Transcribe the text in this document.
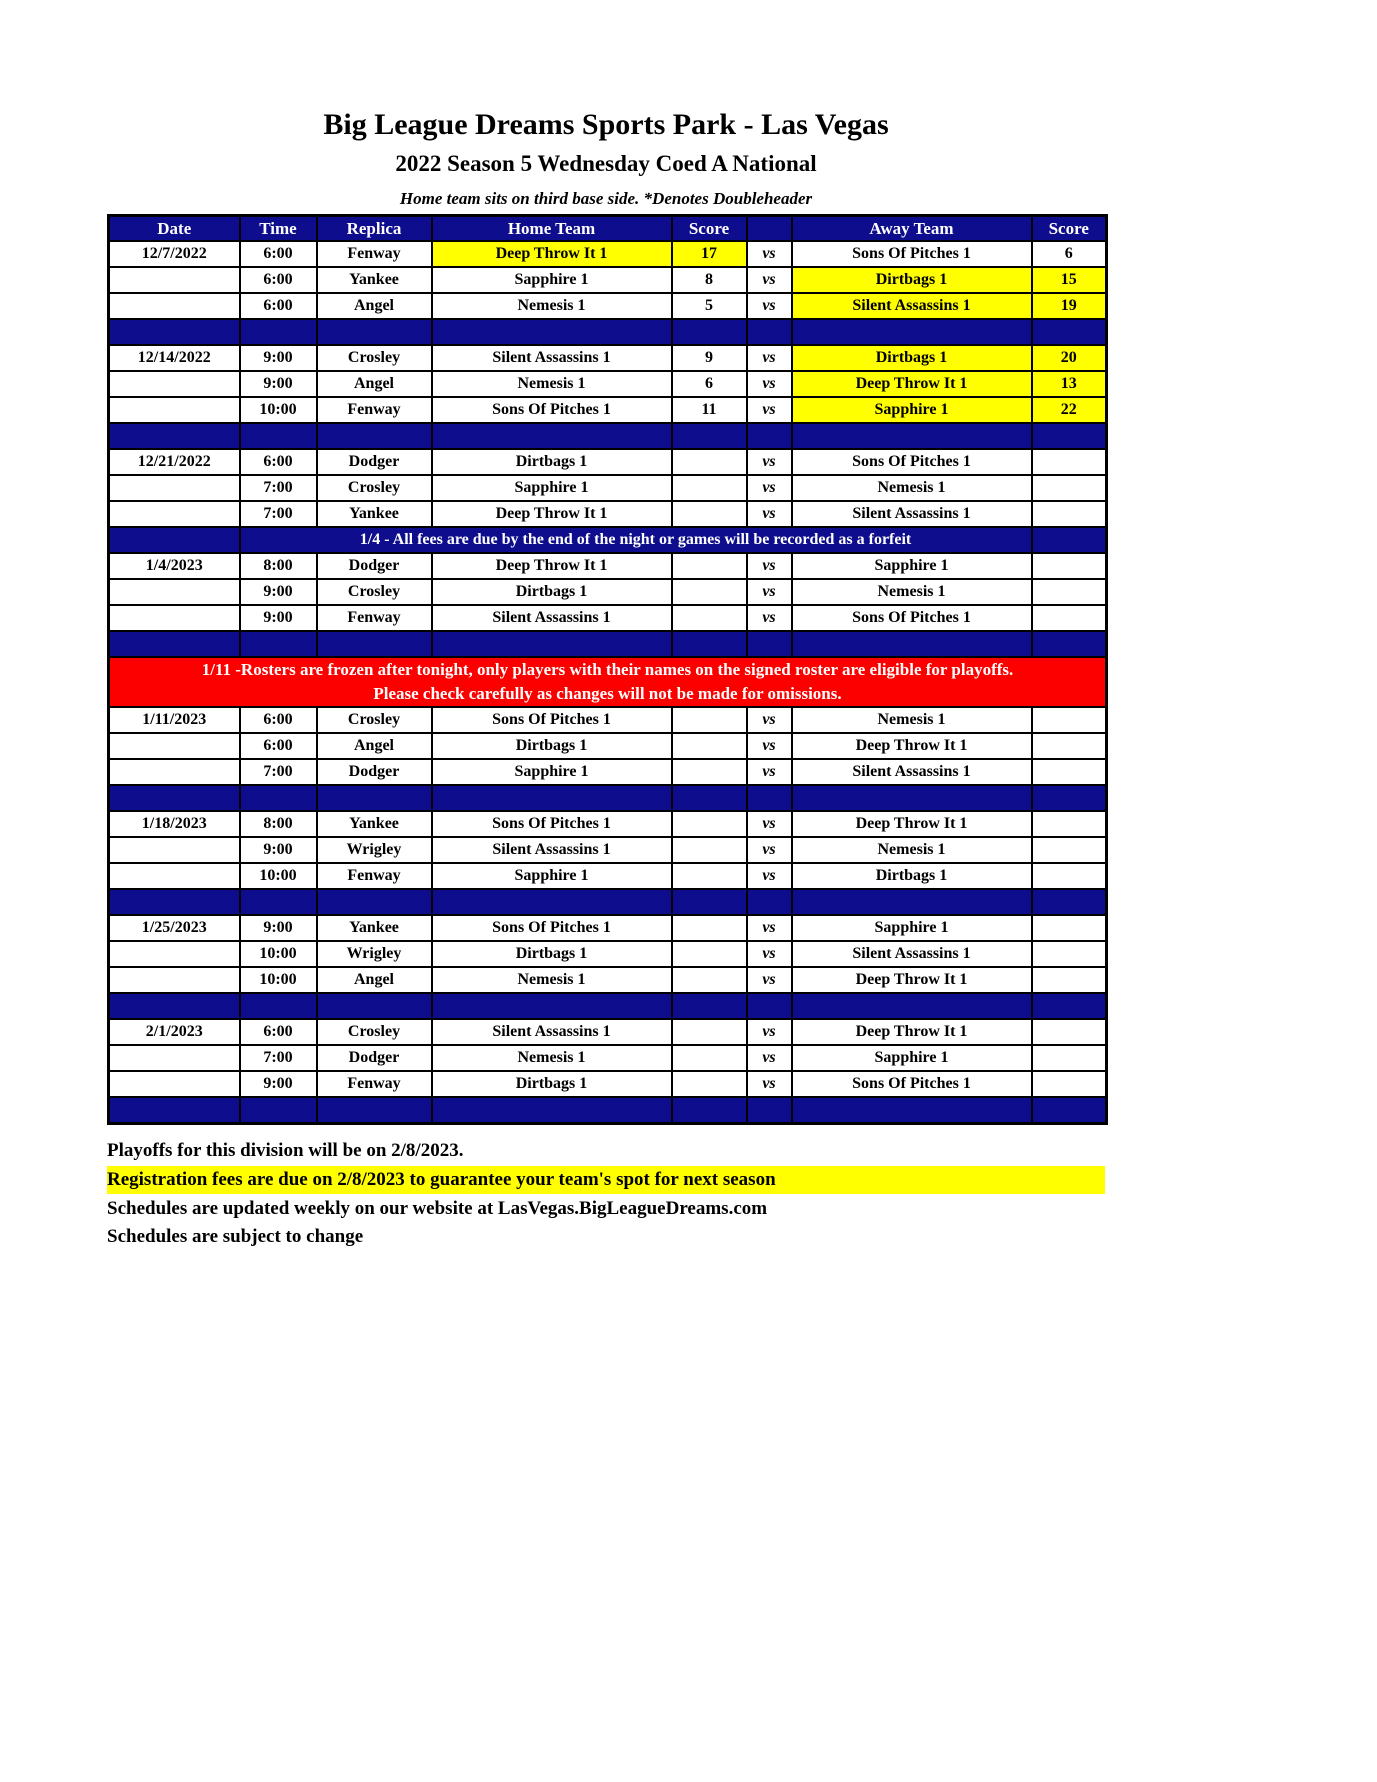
Big League Dreams Sports Park - Las Vegas
2022 Season 5 Wednesday Coed A National
Home team sits on third base side. *Denotes Doubleheader
Date	Time	Replica	Home Team	Score		Away Team	Score
12/7/2022	6:00	Fenway	Deep Throw It 1	17	vs	Sons Of Pitches 1	6
	6:00	Yankee	Sapphire 1	8	vs	Dirtbags 1	15
	6:00	Angel	Nemesis 1	5	vs	Silent Assassins 1	19

12/14/2022	9:00	Crosley	Silent Assassins 1	9	vs	Dirtbags 1	20
	9:00	Angel	Nemesis 1	6	vs	Deep Throw It 1	13
	10:00	Fenway	Sons Of Pitches 1	11	vs	Sapphire 1	22

12/21/2022	6:00	Dodger	Dirtbags 1		vs	Sons Of Pitches 1	
	7:00	Crosley	Sapphire 1		vs	Nemesis 1	
	7:00	Yankee	Deep Throw It 1		vs	Silent Assassins 1	
	1/4 - All fees are due by the end of the night or games will be recorded as a forfeit						
1/4/2023	8:00	Dodger	Deep Throw It 1		vs	Sapphire 1	
	9:00	Crosley	Dirtbags 1		vs	Nemesis 1	
	9:00	Fenway	Silent Assassins 1		vs	Sons Of Pitches 1	

1/11 -Rosters are frozen after tonight, only players with their names on the signed roster are eligible for playoffs.
Please check carefully as changes will not be made for omissions.							

1/11/2023	6:00	Crosley	Sons Of Pitches 1		vs	Nemesis 1	
	6:00	Angel	Dirtbags 1		vs	Deep Throw It 1	
	7:00	Dodger	Sapphire 1		vs	Silent Assassins 1	

1/18/2023	8:00	Yankee	Sons Of Pitches 1		vs	Deep Throw It 1	
	9:00	Wrigley	Silent Assassins 1		vs	Nemesis 1	
	10:00	Fenway	Sapphire 1		vs	Dirtbags 1	

1/25/2023	9:00	Yankee	Sons Of Pitches 1		vs	Sapphire 1	
	10:00	Wrigley	Dirtbags 1		vs	Silent Assassins 1	
	10:00	Angel	Nemesis 1		vs	Deep Throw It 1	

2/1/2023	6:00	Crosley	Silent Assassins 1		vs	Deep Throw It 1	
	7:00	Dodger	Nemesis 1		vs	Sapphire 1	
	9:00	Fenway	Dirtbags 1		vs	Sons Of Pitches 1	

Playoffs for this division will be on 2/8/2023.
Registration fees are due on 2/8/2023 to guarantee your team's spot for next season
Schedules are updated weekly on our website at LasVegas.BigLeagueDreams.com
Schedules are subject to change
